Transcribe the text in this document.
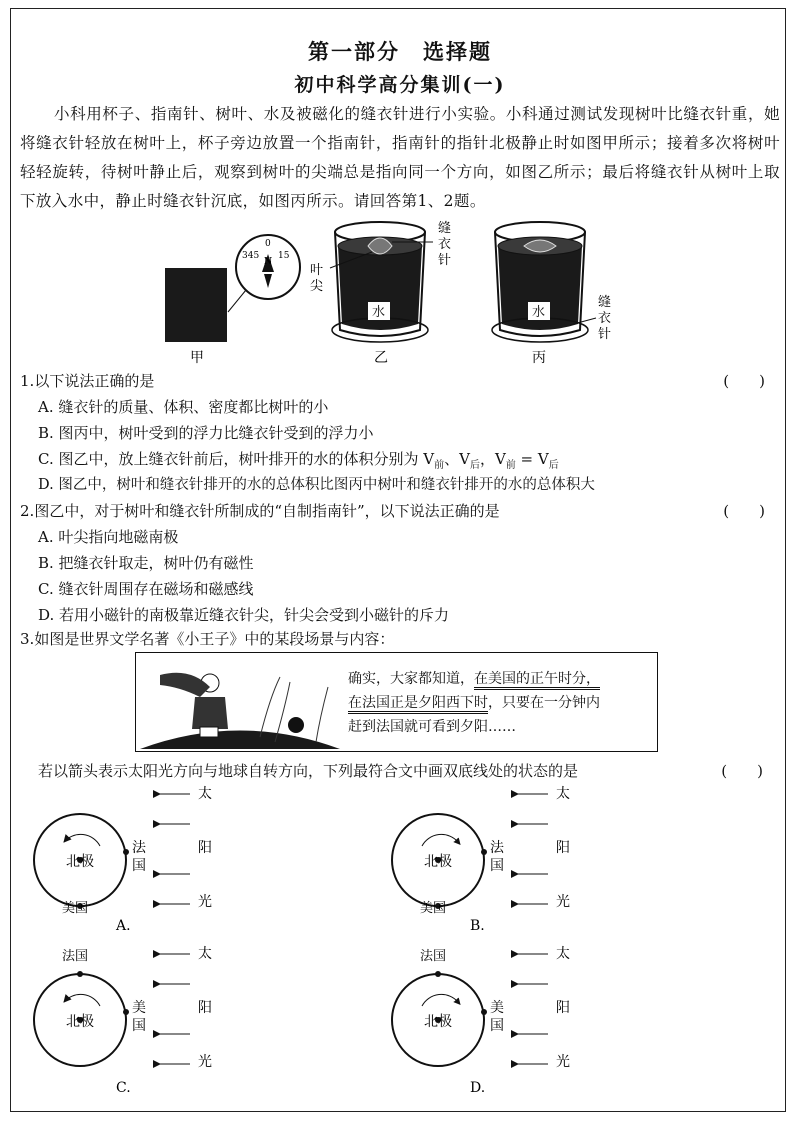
第一部分　选择题
初中科学高分集训(一)
小科用杯子、指南针、树叶、水及被磁化的缝衣针进行小实验。小科通过测试发现树叶比缝衣针重，她将缝衣针轻放在树叶上，杯子旁边放置一个指南针，指南针的指针北极静止时如图甲所示；接着多次将树叶轻轻旋转，待树叶静止后，观察到树叶的尖端总是指向同一个方向，如图乙所示；最后将缝衣针从树叶上取下放入水中，静止时缝衣针沉底，如图丙所示。请回答第1、2题。
0
345 15
N
水
缝衣针
叶尖
水
缝衣针
甲	乙	丙
1.以下说法正确的是	(　　)
A. 缝衣针的质量、体积、密度都比树叶的小
B. 图丙中，树叶受到的浮力比缝衣针受到的浮力小
C. 图乙中，放上缝衣针前后，树叶排开的水的体积分别为 $V_前$、$V_后$，$V_前 = V_后$
D. 图乙中，树叶和缝衣针排开的水的总体积比图丙中树叶和缝衣针排开的水的总体积大
2.图乙中，对于树叶和缝衣针所制成的“自制指南针”，以下说法正确的是	(　　)
A. 叶尖指向地磁南极
B. 把缝衣针取走，树叶仍有磁性
C. 缝衣针周围存在磁场和磁感线
D. 若用小磁针的南极靠近缝衣针尖，针尖会受到小磁针的斥力
3.如图是世界文学名著《小王子》中的某段场景与内容：
确实，大家都知道，在美国的正午时分，
在法国正是夕阳西下时，只要在一分钟内
赶到法国就可看到夕阳……
若以箭头表示太阳光方向与地球自转方向，下列最符合文中画双底线处的状态的是	(　　)
北极
法
国
美国
太
阳
光
A.
北极
法
国
美国
太
阳
光
B.
北极
法国
美
国
太
阳
光
C.
北极
法国
美
国
太
阳
光
D.
